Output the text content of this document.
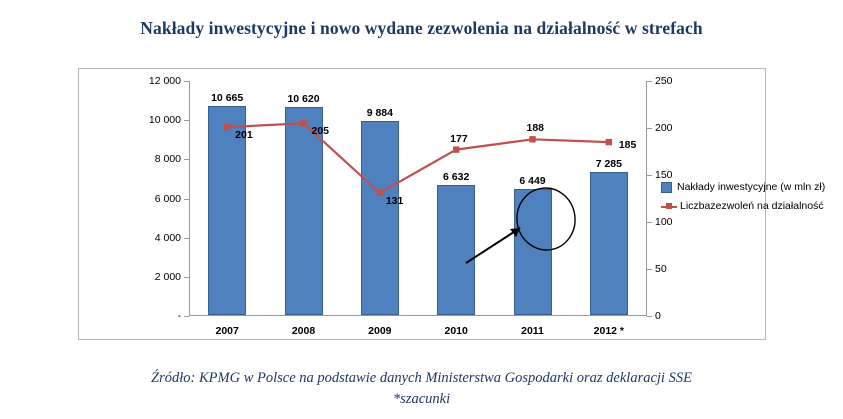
Nakłady inwestycyjne i nowo wydane zezwolenia na działalność w strefach
-
2 000
4 000
6 000
8 000
10 000
12 000
0
50
100
150
200
250
10 665	10 620
9 884
6 632	6 449
7 285
201	205
131
177
188
185
2007	2008	2009	2010	2011	2012 *
Nakłady inwestycyjne (w mln zł)
Liczbazezwoleń na działalność
Źródło: KPMG w Polsce na podstawie danych Ministerstwa Gospodarki oraz deklaracji SSE
*szacunki
